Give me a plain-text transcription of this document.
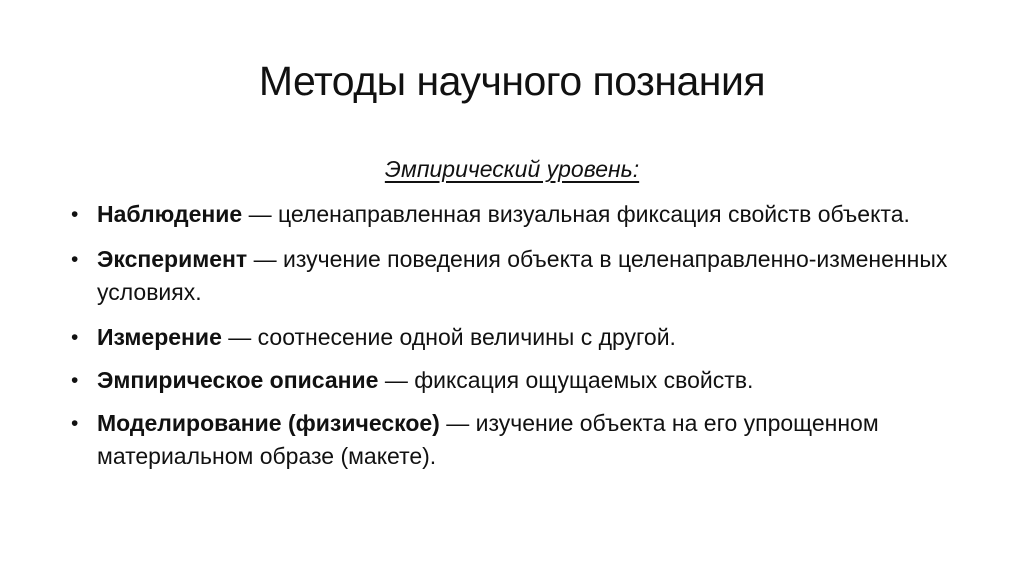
Методы научного познания
Эмпирический уровень:
• Наблюдение — целенаправленная визуальная фиксация свойств объекта.
• Эксперимент — изучение поведения объекта в целенаправленно-измененных условиях.
• Измерение — соотнесение одной величины с другой.
• Эмпирическое описание — фиксация ощущаемых свойств.
• Моделирование (физическое) — изучение объекта на его упрощенном материальном образе (макете).
